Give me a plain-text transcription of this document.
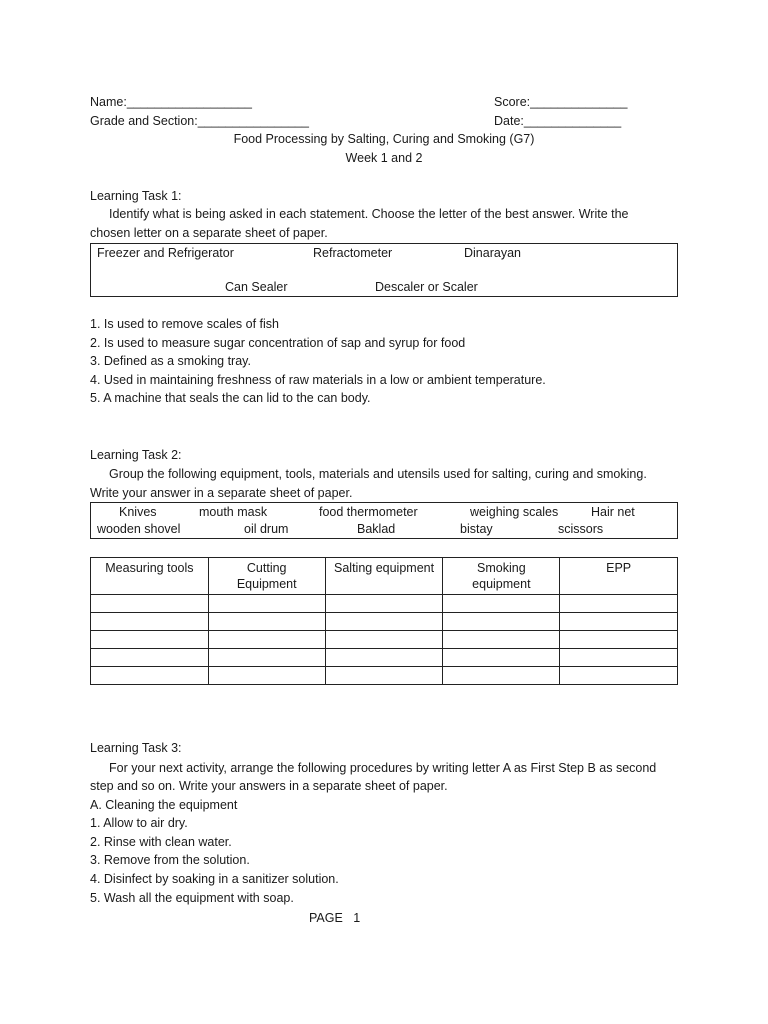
Name:__________________	Score:______________
Grade and Section:________________	Date:______________
Food Processing by Salting, Curing and Smoking (G7)
Week 1 and 2
Learning Task 1:
Identify what is being asked in each statement. Choose the letter of the best answer. Write the
chosen letter on a separate sheet of paper.
Freezer and Refrigerator	Refractometer	Dinarayan
Can Sealer	Descaler or Scaler
1. Is used to remove scales of fish
2. Is used to measure sugar concentration of sap and syrup for food
3. Defined as a smoking tray.
4. Used in maintaining freshness of raw materials in a low or ambient temperature.
5. A machine that seals the can lid to the can body.
Learning Task 2:
Group the following equipment, tools, materials and utensils used for salting, curing and smoking.
Write your answer in a separate sheet of paper.
Knives	mouth mask	food thermometer	weighing scales	Hair net
wooden shovel	oil drum	Baklad	bistay	scissors
Measuring tools	Cutting Equipment	Salting equipment	Smoking equipment	EPP

Learning Task 3:
For your next activity, arrange the following procedures by writing letter A as First Step B as second
step and so on. Write your answers in a separate sheet of paper.
A. Cleaning the equipment
1. Allow to air dry.
2. Rinse with clean water.
3. Remove from the solution.
4. Disinfect by soaking in a sanitizer solution.
5. Wash all the equipment with soap.
PAGE   1
